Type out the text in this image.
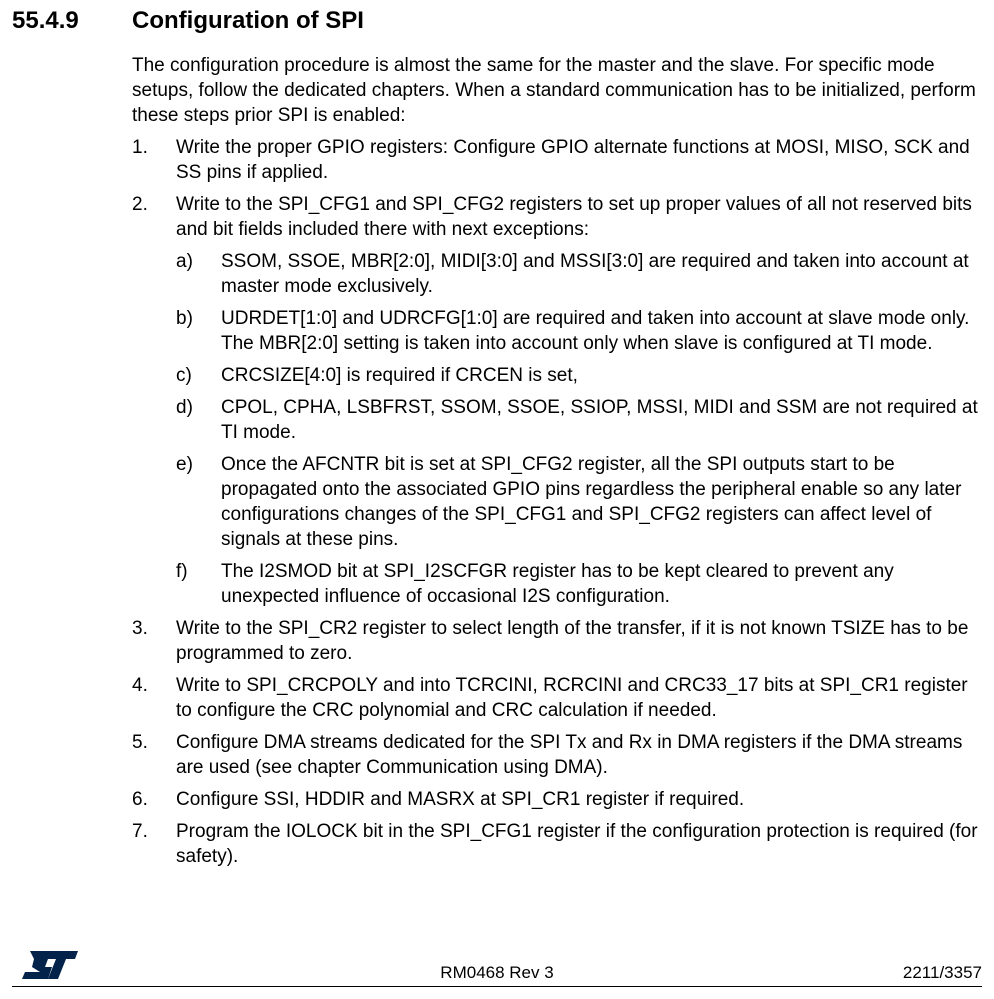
55.4.9 Configuration of SPI

The configuration procedure is almost the same for the master and the slave. For specific mode setups, follow the dedicated chapters. When a standard communication has to be initialized, perform these steps prior SPI is enabled:

1. Write the proper GPIO registers: Configure GPIO alternate functions at MOSI, MISO, SCK and SS pins if applied.
2. Write to the SPI_CFG1 and SPI_CFG2 registers to set up proper values of all not reserved bits and bit fields included there with next exceptions:
a) SSOM, SSOE, MBR[2:0], MIDI[3:0] and MSSI[3:0] are required and taken into account at master mode exclusively.
b) UDRDET[1:0] and UDRCFG[1:0] are required and taken into account at slave mode only. The MBR[2:0] setting is taken into account only when slave is configured at TI mode.
c) CRCSIZE[4:0] is required if CRCEN is set,
d) CPOL, CPHA, LSBFRST, SSOM, SSOE, SSIOP, MSSI, MIDI and SSM are not required at TI mode.
e) Once the AFCNTR bit is set at SPI_CFG2 register, all the SPI outputs start to be propagated onto the associated GPIO pins regardless the peripheral enable so any later configurations changes of the SPI_CFG1 and SPI_CFG2 registers can affect level of signals at these pins.
f) The I2SMOD bit at SPI_I2SCFGR register has to be kept cleared to prevent any unexpected influence of occasional I2S configuration.
3. Write to the SPI_CR2 register to select length of the transfer, if it is not known TSIZE has to be programmed to zero.
4. Write to SPI_CRCPOLY and into TCRCINI, RCRCINI and CRC33_17 bits at SPI_CR1 register to configure the CRC polynomial and CRC calculation if needed.
5. Configure DMA streams dedicated for the SPI Tx and Rx in DMA registers if the DMA streams are used (see chapter Communication using DMA).
6. Configure SSI, HDDIR and MASRX at SPI_CR1 register if required.
7. Program the IOLOCK bit in the SPI_CFG1 register if the configuration protection is required (for safety).
RM0468 Rev 3	2211/3357
